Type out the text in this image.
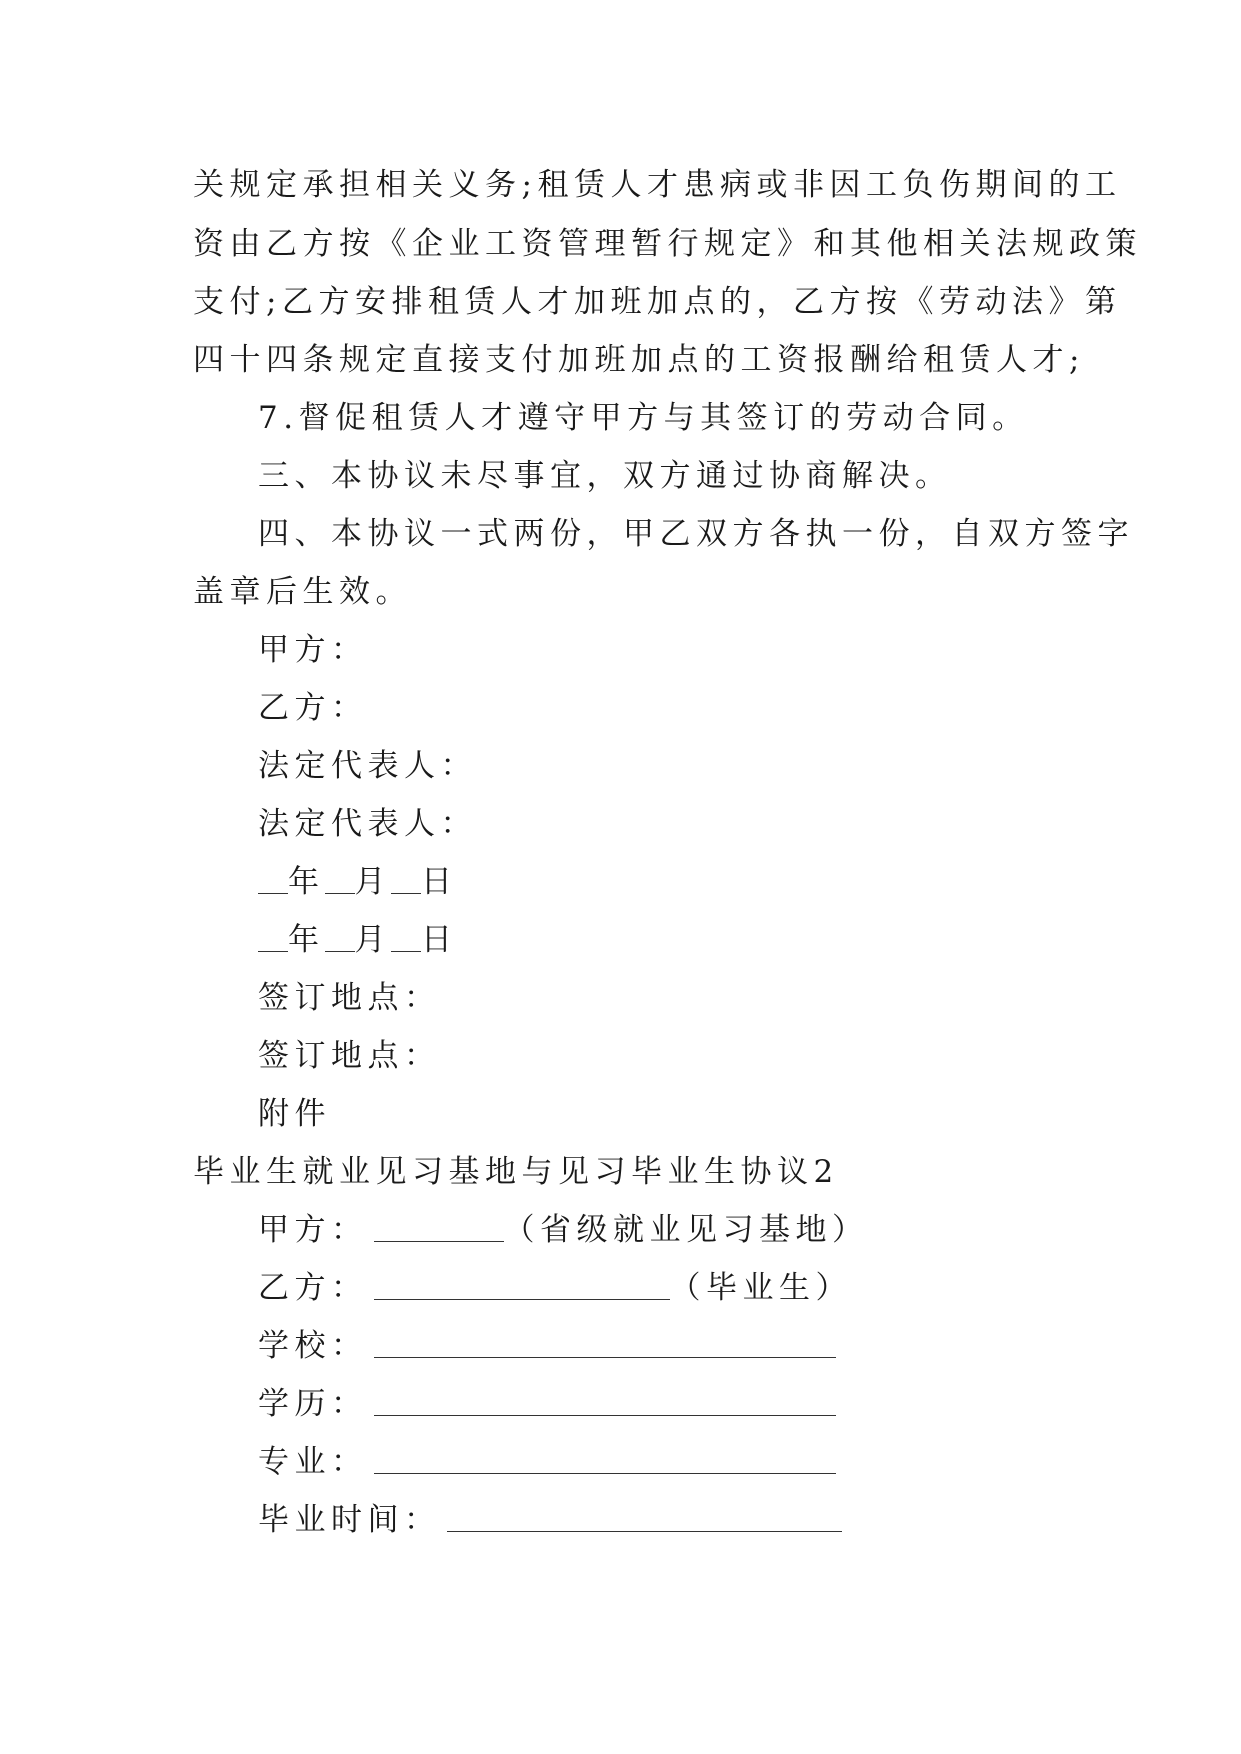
关规定承担相关义务;租赁人才患病或非因工负伤期间的工
资由乙方按《企业工资管理暂行规定》和其他相关法规政策
支付;乙方安排租赁人才加班加点的，乙方按《劳动法》第
四十四条规定直接支付加班加点的工资报酬给租赁人才;
7.督促租赁人才遵守甲方与其签订的劳动合同。
三、本协议未尽事宜，双方通过协商解决。
四、本协议一式两份，甲乙双方各执一份，自双方签字
盖章后生效。
甲方：
乙方：
法定代表人：
法定代表人：
年 月 日
年 月 日
签订地点：
签订地点：
附件
毕业生就业见习基地与见习毕业生协议2
甲方：	（省级就业见习基地）
乙方：	（毕业生）
学校：
学历：
专业：
毕业时间：
